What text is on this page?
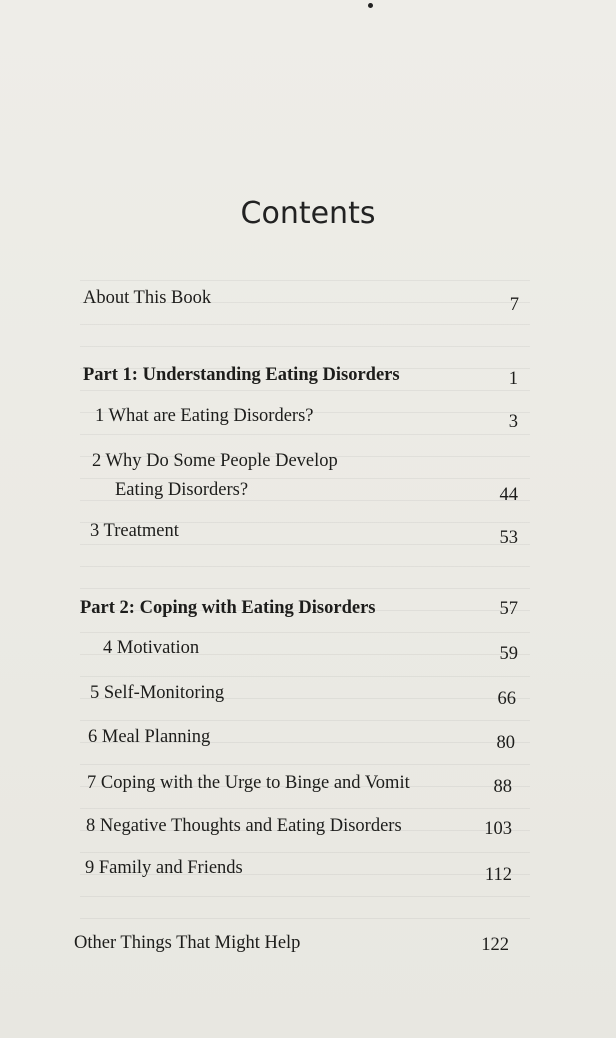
Contents
About This Book	7
Part 1: Understanding Eating Disorders	1
1 What are Eating Disorders?	3
2 Why Do Some People Develop
Eating Disorders?	44
3 Treatment	53
Part 2: Coping with Eating Disorders	57
4 Motivation	59
5 Self-Monitoring	66
6 Meal Planning	80
7 Coping with the Urge to Binge and Vomit	88
8 Negative Thoughts and Eating Disorders	103
9 Family and Friends	112
Other Things That Might Help	122
